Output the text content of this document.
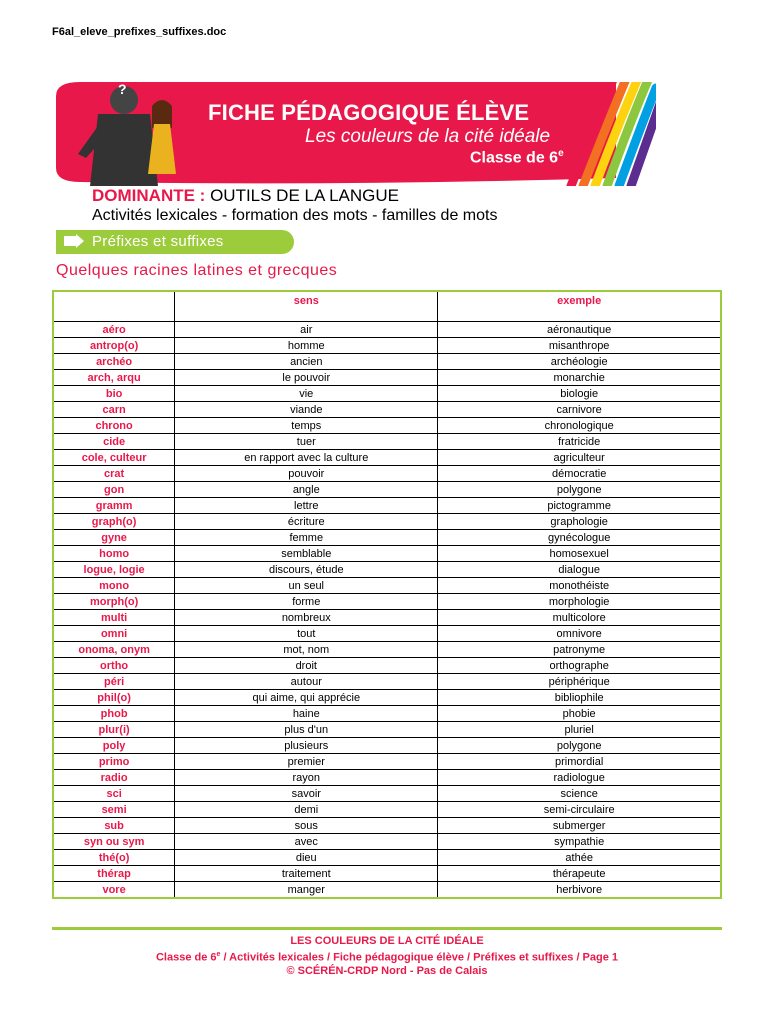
F6al_eleve_prefixes_suffixes.doc
?
FICHE PÉDAGOGIQUE ÉLÈVE
Les couleurs de la cité idéale
Classe de 6e
DOMINANTE : OUTILS DE LA LANGUE
Activités lexicales - formation des mots - familles de mots
Préfixes et suffixes
Quelques racines latines et grecques
	sens	exemple
aéro	air	aéronautique
antrop(o)	homme	misanthrope
archéo	ancien	archéologie
arch, arqu	le pouvoir	monarchie
bio	vie	biologie
carn	viande	carnivore
chrono	temps	chronologique
cide	tuer	fratricide
cole, culteur	en rapport avec la culture	agriculteur
crat	pouvoir	démocratie
gon	angle	polygone
gramm	lettre	pictogramme
graph(o)	écriture	graphologie
gyne	femme	gynécologue
homo	semblable	homosexuel
logue, logie	discours, étude	dialogue
mono	un seul	monothéiste
morph(o)	forme	morphologie
multi	nombreux	multicolore
omni	tout	omnivore
onoma, onym	mot, nom	patronyme
ortho	droit	orthographe
péri	autour	périphérique
phil(o)	qui aime, qui apprécie	bibliophile
phob	haine	phobie
plur(i)	plus d'un	pluriel
poly	plusieurs	polygone
primo	premier	primordial
radio	rayon	radiologue
sci	savoir	science
semi	demi	semi-circulaire
sub	sous	submerger
syn ou sym	avec	sympathie
thé(o)	dieu	athée
thérap	traitement	thérapeute
vore	manger	herbivore
LES COULEURS DE LA CITÉ IDÉALE
Classe de 6e / Activités lexicales / Fiche pédagogique élève / Préfixes et suffixes / Page 1
© SCÉRÉN-CRDP Nord - Pas de Calais
